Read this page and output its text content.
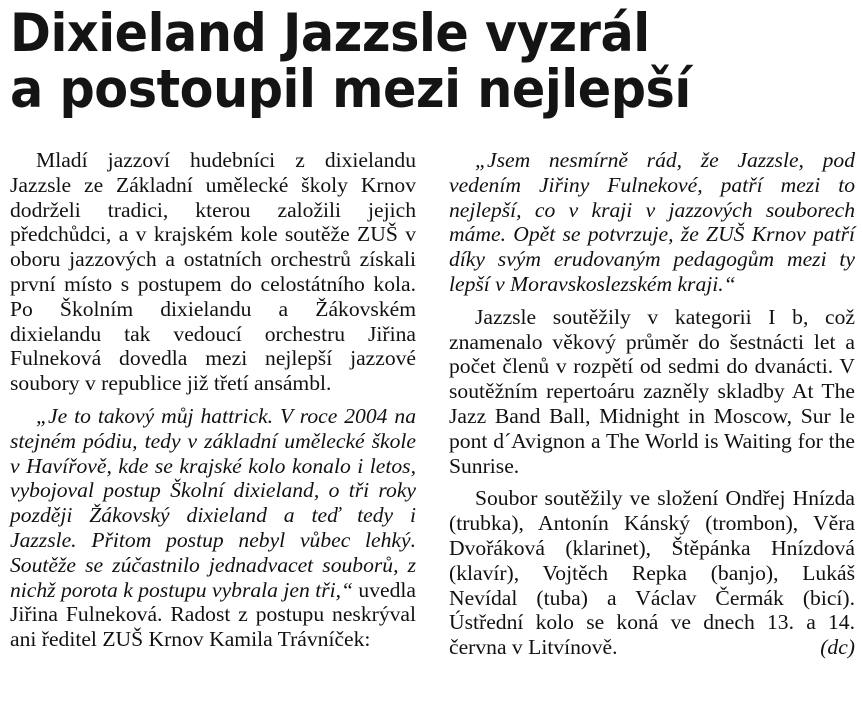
Dixieland Jazzsle vyzrál
a postoupil mezi nejlepší

Mladí jazzoví hudebníci z dixielandu Jazzsle ze Základní umělecké školy Krnov dodrželi tradici, kterou založili jejich předchůdci, a v krajském kole soutěže ZUŠ v oboru jazzových a ostatních orchestrů získali první místo s postupem do celostátního kola. Po Školním dixielandu a Žákovském dixielandu tak vedoucí orchestru Jiřina Fulneková dovedla mezi nejlepší jazzové soubory v republice již třetí ansámbl.

„Je to takový můj hattrick. V roce 2004 na stejném pódiu, tedy v základní umělecké škole v Havířově, kde se krajské kolo konalo i letos, vybojoval postup Školní dixieland, o tři roky později Žákovský dixieland a teď tedy i Jazzsle. Přitom postup nebyl vůbec lehký. Soutěže se zúčastnilo jednadvacet souborů, z nichž porota k postupu vybrala jen tři,“ uvedla Jiřina Fulneková. Radost z postupu neskrýval ani ředitel ZUŠ Krnov Kamila Trávníček:

„Jsem nesmírně rád, že Jazzsle, pod vedením Jiřiny Fulnekové, patří mezi to nejlepší, co v kraji v jazzových souborech máme. Opět se potvrzuje, že ZUŠ Krnov patří díky svým erudovaným pedagogům mezi ty lepší v Moravskoslezském kraji.“

Jazzsle soutěžily v kategorii I b, což znamenalo věkový průměr do šestnácti let a počet členů v rozpětí od sedmi do dvanácti. V soutěžním repertoáru zazněly skladby At The Jazz Band Ball, Midnight in Moscow, Sur le pont d´Avignon a The World is Waiting for the Sunrise.

Soubor soutěžily ve složení Ondřej Hnízda (trubka), Antonín Kánský (trombon), Věra Dvořáková (klarinet), Štěpánka Hnízdová (klavír), Vojtěch Repka (banjo), Lukáš Nevídal (tuba) a Václav Čermák (bicí). Ústřední kolo se koná ve dnech 13. a 14. června v Litvínově.	(dc)
